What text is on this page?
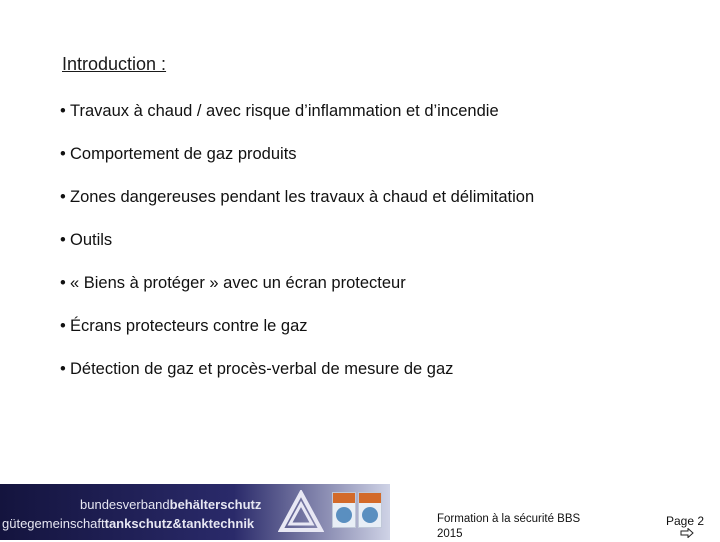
Introduction :
• Travaux à chaud / avec risque d’inflammation et d’incendie
• Comportement de gaz produits
• Zones dangereuses pendant les travaux à chaud et délimitation
• Outils
• « Biens à protéger » avec un écran protecteur
• Écrans protecteurs contre le gaz
• Détection de gaz et procès-verbal de mesure de gaz
bundesverbandbehälterschutz
gütegemeinschafttankschutz&tanktechnik	Formation à la sécurité BBS
2015
Page 2
